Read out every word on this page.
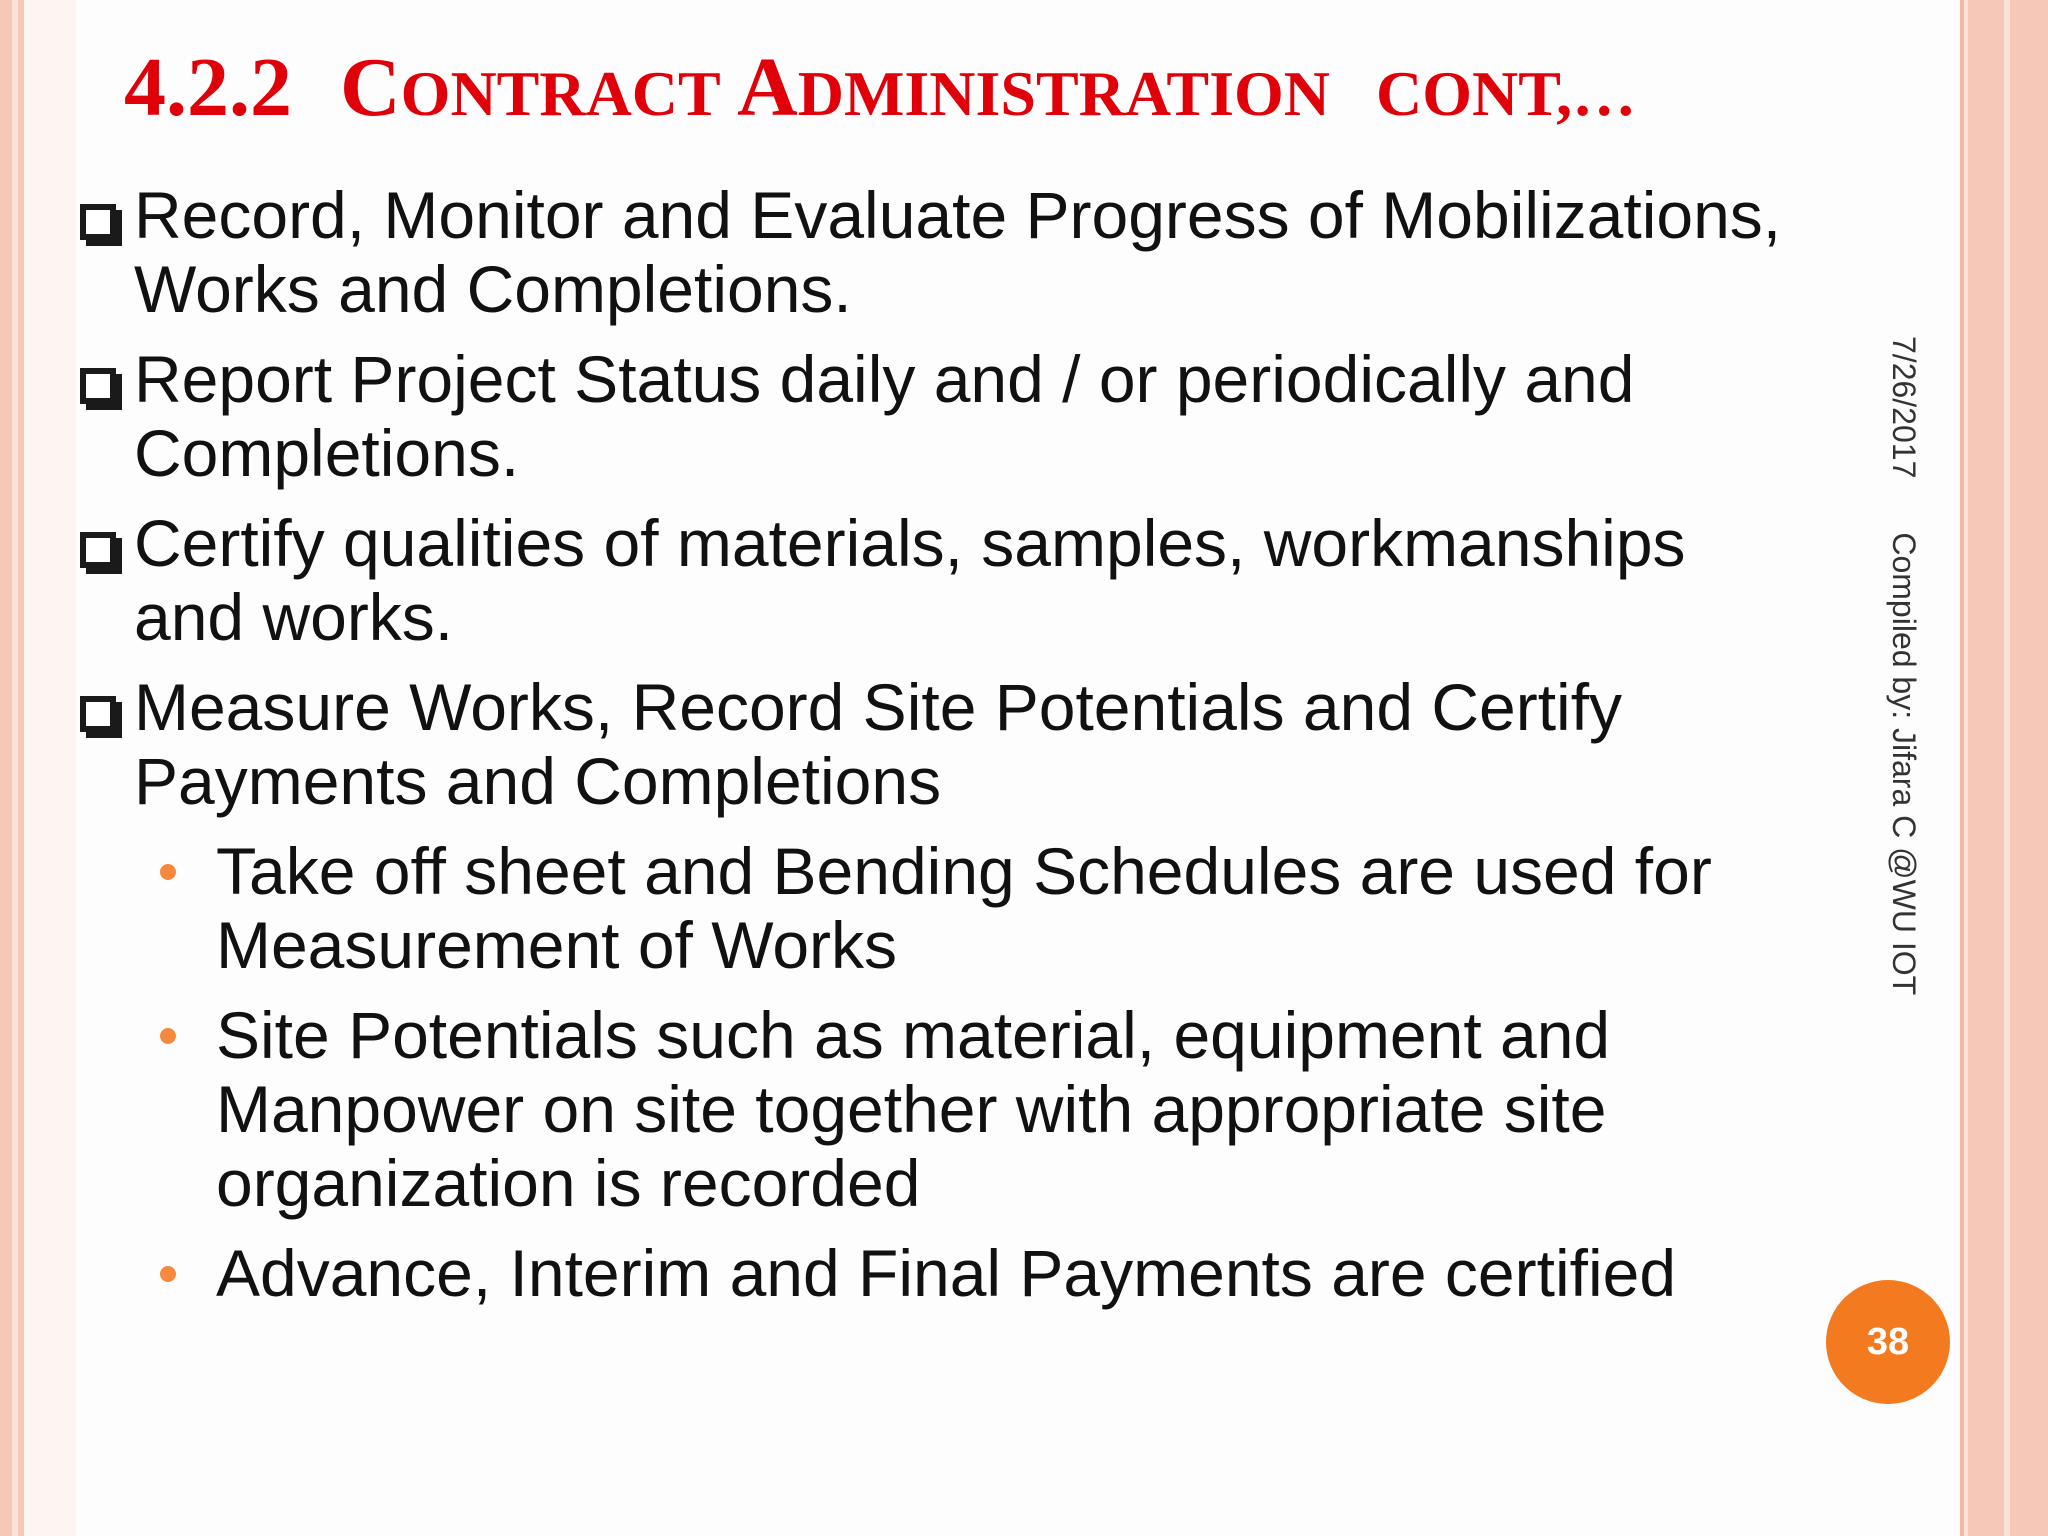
4.2.2 CONTRACT ADMINISTRATION CONT,…
Record, Monitor and Evaluate Progress of Mobilizations, Works and Completions.
Report Project Status daily and / or periodically and Completions.
Certify qualities of materials, samples, workmanships and works.
Measure Works, Record Site Potentials and Certify Payments and Completions
Take off sheet and Bending Schedules are used for Measurement of Works
Site Potentials such as material, equipment and Manpower on site together with appropriate site organization is recorded
Advance, Interim and Final Payments are certified
7/26/2017Compiled by: Jifara C @WU IOT
38
